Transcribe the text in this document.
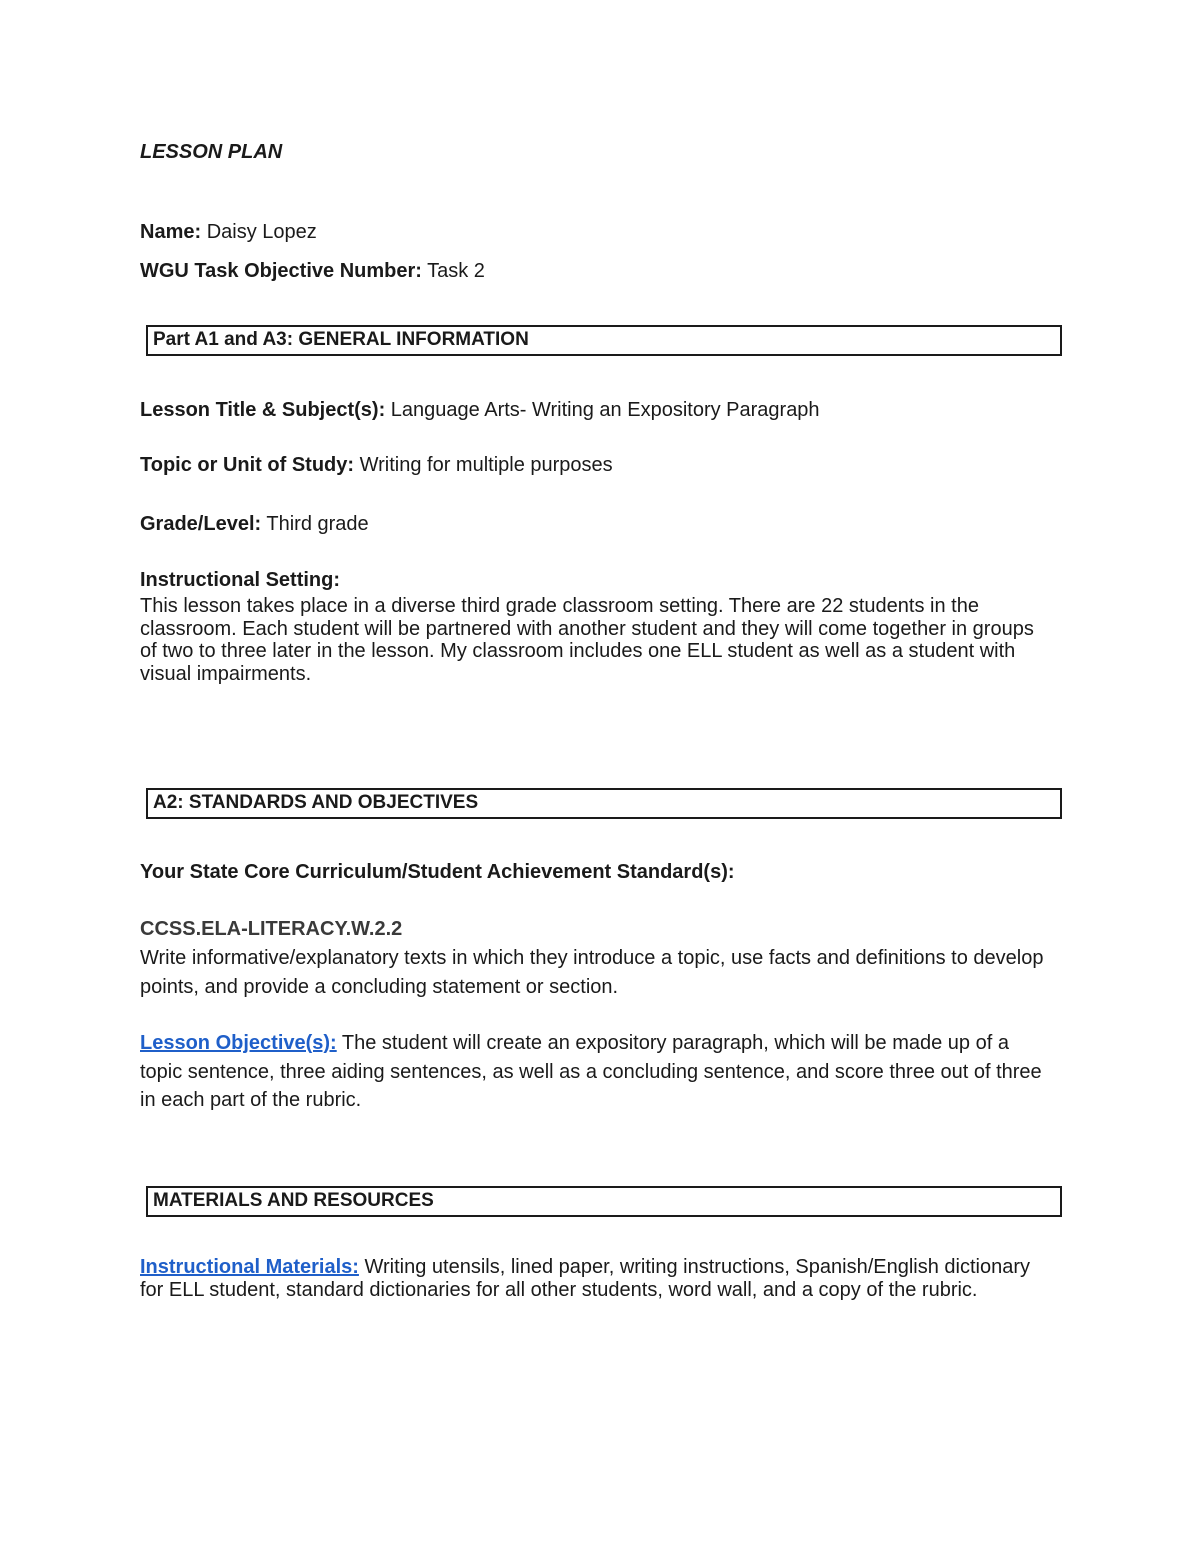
LESSON PLAN
Name: Daisy Lopez
WGU Task Objective Number: Task 2
Part A1 and A3: GENERAL INFORMATION
Lesson Title & Subject(s): Language Arts- Writing an Expository Paragraph
Topic or Unit of Study: Writing for multiple purposes
Grade/Level: Third grade
Instructional Setting:
This lesson takes place in a diverse third grade classroom setting. There are 22 students in the classroom. Each student will be partnered with another student and they will come together in groups of two to three later in the lesson. My classroom includes one ELL student as well as a student with visual impairments.
A2: STANDARDS AND OBJECTIVES
Your State Core Curriculum/Student Achievement Standard(s):
CCSS.ELA-LITERACY.W.2.2
Write informative/explanatory texts in which they introduce a topic, use facts and definitions to develop points, and provide a concluding statement or section.
Lesson Objective(s): The student will create an expository paragraph, which will be made up of a topic sentence, three aiding sentences, as well as a concluding sentence, and score three out of three in each part of the rubric.
MATERIALS AND RESOURCES
Instructional Materials: Writing utensils, lined paper, writing instructions, Spanish/English dictionary for ELL student, standard dictionaries for all other students, word wall, and a copy of the rubric.
